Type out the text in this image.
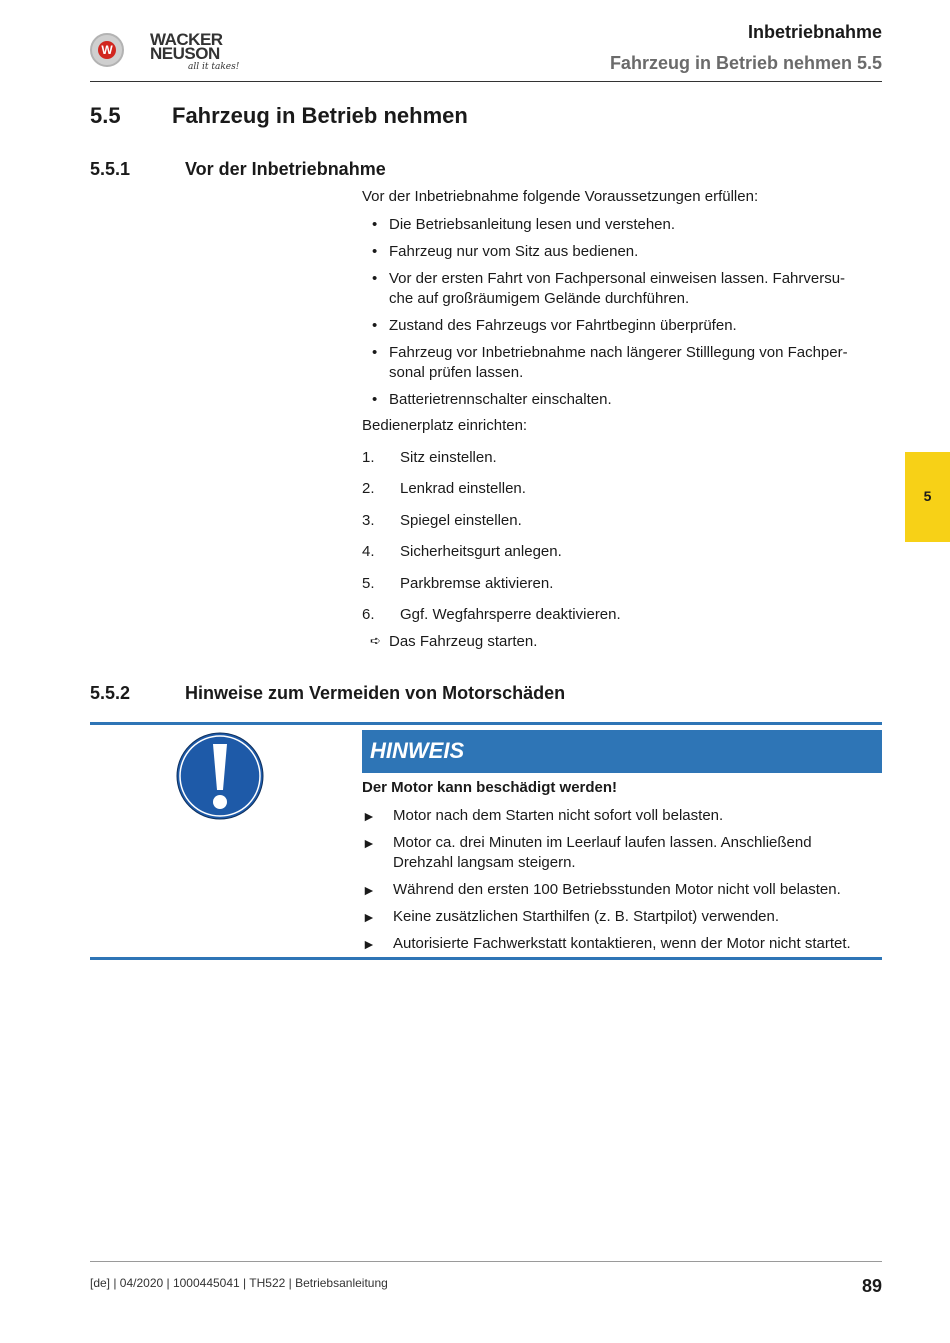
W
WACKER
NEUSON
all it takes!
Inbetriebnahme
Fahrzeug in Betrieb nehmen 5.5
5
5.5 Fahrzeug in Betrieb nehmen
5.5.1	Vor der Inbetriebnahme
Vor der Inbetriebnahme folgende Voraussetzungen erfüllen:
• Die Betriebsanleitung lesen und verstehen.
• Fahrzeug nur vom Sitz aus bedienen.
• Vor der ersten Fahrt von Fachpersonal einweisen lassen. Fahrversu-
che auf großräumigem Gelände durchführen.
• Zustand des Fahrzeugs vor Fahrtbeginn überprüfen.
• Fahrzeug vor Inbetriebnahme nach längerer Stilllegung von Fachper-
sonal prüfen lassen.
• Batterietrennschalter einschalten.
Bedienerplatz einrichten:
1. Sitz einstellen.
2. Lenkrad einstellen.
3. Spiegel einstellen.
4. Sicherheitsgurt anlegen.
5. Parkbremse aktivieren.
6. Ggf. Wegfahrsperre deaktivieren.
➪ Das Fahrzeug starten.
5.5.2	Hinweise zum Vermeiden von Motorschäden
HINWEIS
Der Motor kann beschädigt werden!
► Motor nach dem Starten nicht sofort voll belasten.
► Motor ca. drei Minuten im Leerlauf laufen lassen. Anschließend
Drehzahl langsam steigern.
► Während den ersten 100 Betriebsstunden Motor nicht voll belasten.
► Keine zusätzlichen Starthilfen (z. B. Startpilot) verwenden.
► Autorisierte Fachwerkstatt kontaktieren, wenn der Motor nicht startet.
[de] | 04/2020 | 1000445041 | TH522 | Betriebsanleitung	89
